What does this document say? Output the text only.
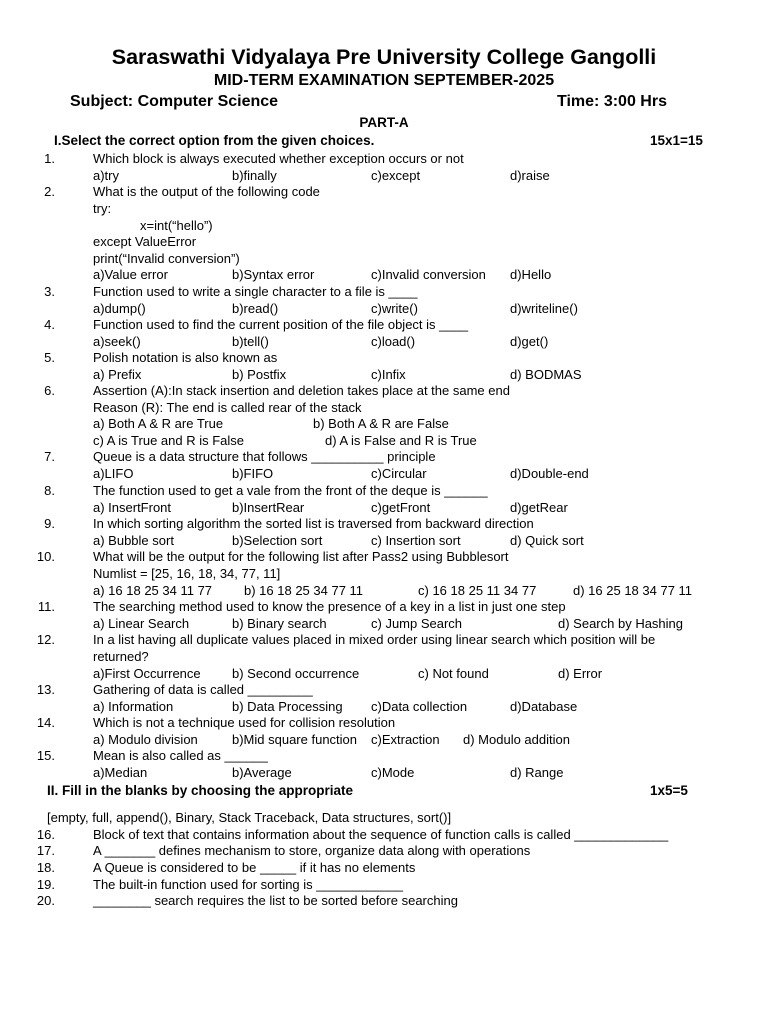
Saraswathi Vidyalaya Pre University College Gangolli
MID-TERM EXAMINATION SEPTEMBER-2025
Subject: Computer Science	Time: 3:00 Hrs
PART-A
I.Select the correct option from the given choices.	15x1=15
1.	Which block is always executed whether exception occurs or not
a)try	b)finally	c)except	d)raise
2.	What is the output of the following code
try:
x=int(“hello”)
except ValueError
print(“Invalid conversion”)
a)Value error	b)Syntax error	c)Invalid conversion d)Hello
3.	Function used to write a single character to a file is ____
a)dump()	b)read()	c)write()	d)writeline()
4.	Function used to find the current position of the file object is ____
a)seek()	b)tell()	c)load()	d)get()
5.	Polish notation is also known as
a) Prefix	b) Postfix	c)Infix	d) BODMAS
6.	Assertion (A):In stack insertion and deletion takes place at the same end
Reason (R): The end is called rear of the stack
a) Both A & R are True	b) Both A & R are False
c) A is True and R is False	d) A is False and R is True
7.	Queue is a data structure that follows __________ principle
a)LIFO	b)FIFO	c)Circular	d)Double-end
8.	The function used to get a vale from the front of the deque is ______
a) InsertFront	b)InsertRear	c)getFront	d)getRear
9.	In which sorting algorithm the sorted list is traversed from backward direction
a) Bubble sort	b)Selection sort	c) Insertion sort	d) Quick sort
10.	What will be the output for the following list after Pass2 using Bubblesort
Numlist = [25, 16, 18, 34, 77, 11]
a) 16 18 25 34 11 77 b) 16 18 25 34 77 11	c) 16 18 25 11 34 77	d) 16 25 18 34 77 11
11.	The searching method used to know the presence of a key in a list in just one step
a) Linear Search	b) Binary search	c) Jump Search	d) Search by Hashing
12.	In a list having all duplicate values placed in mixed order using linear search which position will be
returned?
a)First Occurrence b) Second occurrence	c) Not found	d) Error
13.	Gathering of data is called _________
a) Information	b) Data Processing c)Data collection	d)Database
14.	Which is not a technique used for collision resolution
a) Modulo division	b)Mid square function c)Extraction d) Modulo addition
15.	Mean is also called as ______
a)Median	b)Average	c)Mode	d) Range
II. Fill in the blanks by choosing the appropriate	1x5=5
[empty, full, append(), Binary, Stack Traceback, Data structures, sort()]
16.	Block of text that contains information about the sequence of function calls is called _____________
17.	A _______ defines mechanism to store, organize data along with operations
18.	A Queue is considered to be _____ if it has no elements
19.	The built-in function used for sorting is ____________
20.	________ search requires the list to be sorted before searching
